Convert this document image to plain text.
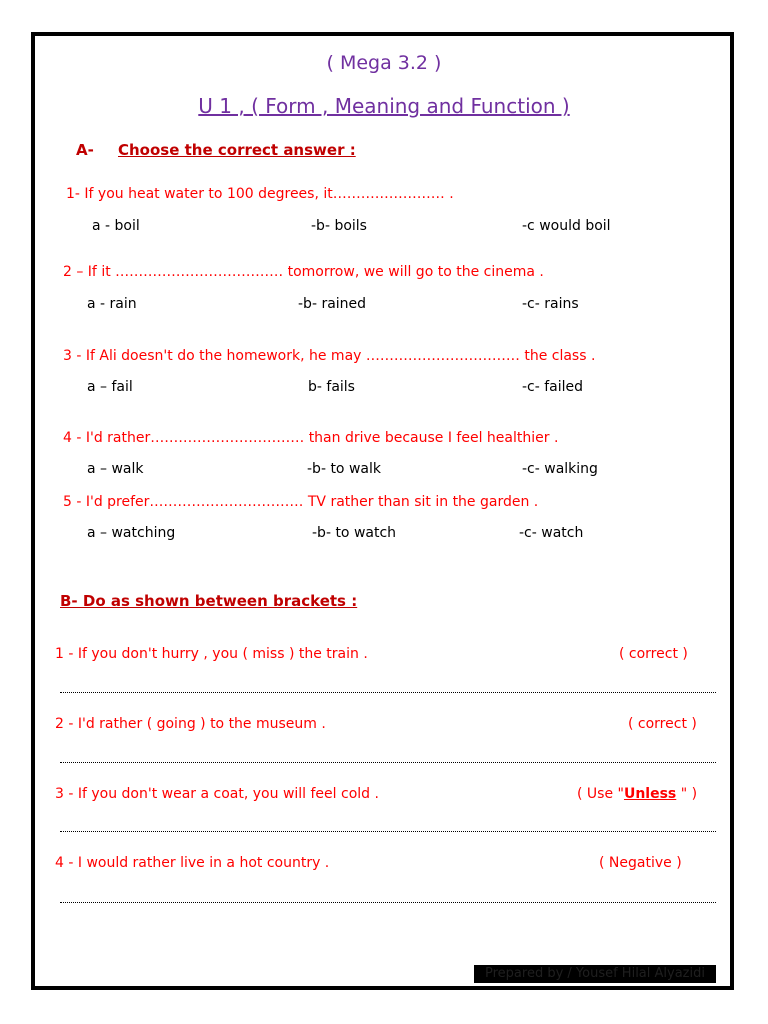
( Mega 3.2 )
U 1 , ( Form , Meaning and Function )
A- Choose the correct answer :
1- If you heat water to 100 degrees, it…………………… .
a - boil	-b- boils	-c would boil
2 – If it ……………………………… tomorrow, we will go to the cinema .
a - rain	-b- rained	-c- rains
3 - If Ali doesn't do the homework, he may …………………………… the class .
a – fail	b- fails	-c- failed
4 - I'd rather…………………………… than drive because I feel healthier .
a – walk	-b- to walk	-c- walking
5 - I'd prefer…………………………… TV rather than sit in the garden .
a – watching	-b- to watch	-c- watch
B- Do as shown between brackets :
1 - If you don't hurry , you ( miss ) the train .	( correct )
2 - I'd rather ( going ) to the museum .	( correct )
3 - If you don't wear a coat, you will feel cold .	( Use "Unless " )
4 - I would rather live in a hot country .	( Negative )
Prepared by / Yousef Hilal Alyazidi
